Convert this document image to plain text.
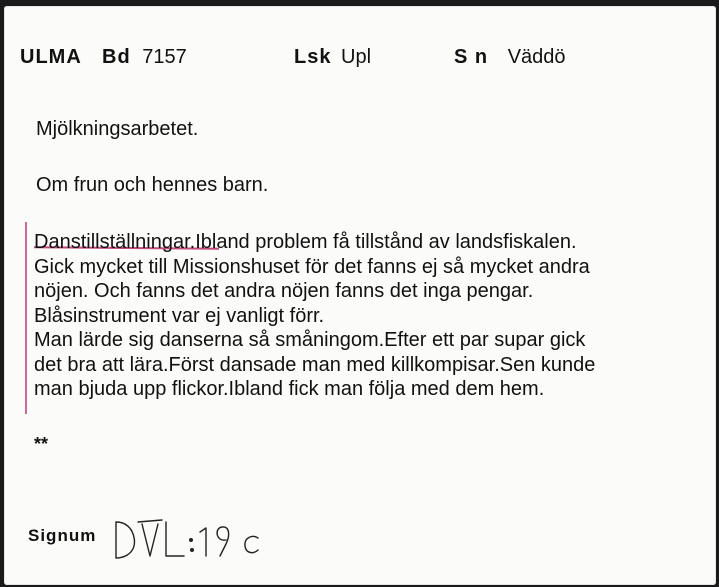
ULMA Bd 7157	Lsk Upl	S n Väddö
Mjölkningsarbetet.
Om frun och hennes barn.
Danstillställningar.Ibland problem få tillstånd av landsfiskalen.
Gick mycket till Missionshuset för det fanns ej så mycket andra
nöjen. Och fanns det andra nöjen fanns det inga pengar.
Blåsinstrument var ej vanligt förr.
Man lärde sig danserna så småningom.Efter ett par supar gick
det bra att lära.Först dansade man med killkompisar.Sen kunde
man bjuda upp flickor.Ibland fick man följa med dem hem.
**
Signum
